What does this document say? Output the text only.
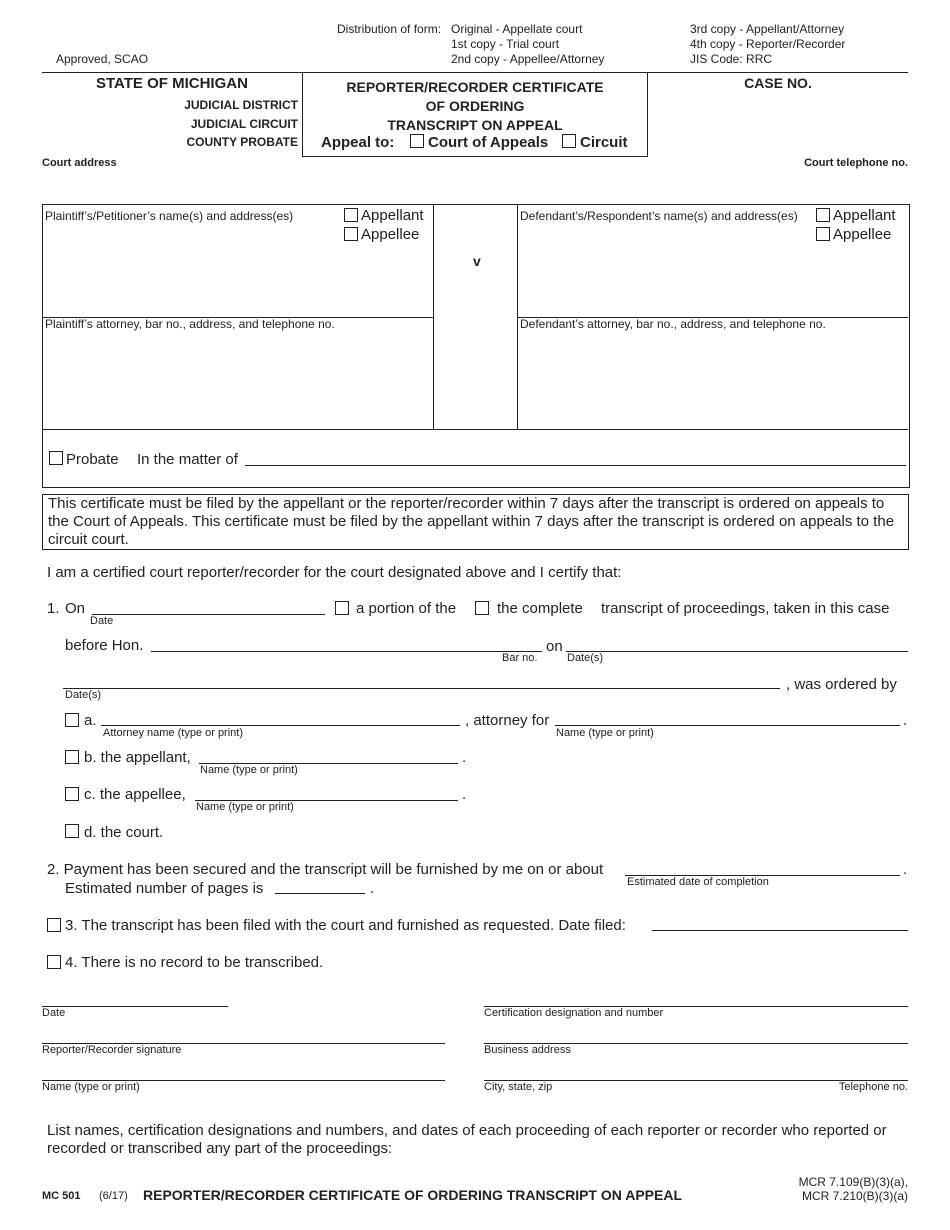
Approved, SCAO
Distribution of form: Original - Appellate court
1st copy - Trial court
2nd copy - Appellee/Attorney
3rd copy - Appellant/Attorney
4th copy - Reporter/Recorder
JIS Code: RRC
STATE OF MICHIGAN
JUDICIAL DISTRICT
JUDICIAL CIRCUIT
COUNTY PROBATE
REPORTER/RECORDER CERTIFICATE
OF ORDERING
TRANSCRIPT ON APPEAL
Appeal to: Court of Appeals Circuit
CASE NO.
Court address	Court telephone no.
Plaintiff’s/Petitioner’s name(s) and address(es)	Appellant
Appellee
v
Defendant’s/Respondent’s name(s) and address(es) Appellant
Appellee
Plaintiff’s attorney, bar no., address, and telephone no.	Defendant’s attorney, bar no., address, and telephone no.
Probate In the matter of
This certificate must be filed by the appellant or the reporter/recorder within 7 days after the transcript is ordered on appeals to the Court of Appeals. This certificate must be filed by the appellant within 7 days after the transcript is ordered on appeals to the circuit court.
I am a certified court reporter/recorder for the court designated above and I certify that:
1. On
Date
a portion of the	the complete transcript of proceedings, taken in this case
before Hon.
Bar no.
on
Date(s)
Date(s)
, was ordered by
a.
Attorney name (type or print)
, attorney for
Name (type or print)
.
b. the appellant,
Name (type or print)
.
c. the appellee,
Name (type or print)
.
d. the court.
2. Payment has been secured and the transcript will be furnished by me on or about
Estimated date of completion
.
Estimated number of pages is	.
3. The transcript has been filed with the court and furnished as requested. Date filed:
4. There is no record to be transcribed.
Date	Certification designation and number
Reporter/Recorder signature	Business address
Name (type or print)	City, state, zip	Telephone no.
List names, certification designations and numbers, and dates of each proceeding of each reporter or recorder who reported or recorded or transcribed any part of the proceedings:
MC 501 (6/17) REPORTER/RECORDER CERTIFICATE OF ORDERING TRANSCRIPT ON APPEAL
MCR 7.109(B)(3)(a),
MCR 7.210(B)(3)(a)
